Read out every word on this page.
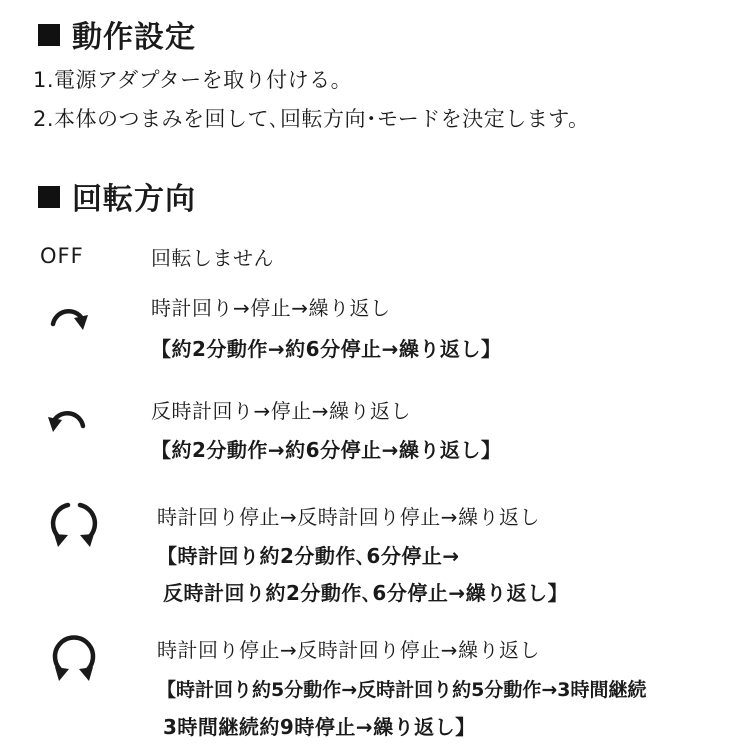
動作設定
1.電源アダプターを取り付ける。
2.本体のつまみを回して､回転方向･モードを決定します。
回転方向
OFF	回転しません
時計回り→停止→繰り返し
【約2分動作→約6分停止→繰り返し】
反時計回り→停止→繰り返し
【約2分動作→約6分停止→繰り返し】
時計回り停止→反時計回り停止→繰り返し
【時計回り約2分動作､6分停止→
反時計回り約2分動作､6分停止→繰り返し】
時計回り停止→反時計回り停止→繰り返し
【時計回り約5分動作→反時計回り約5分動作→3時間継続
3時間継続約9時停止→繰り返し】
